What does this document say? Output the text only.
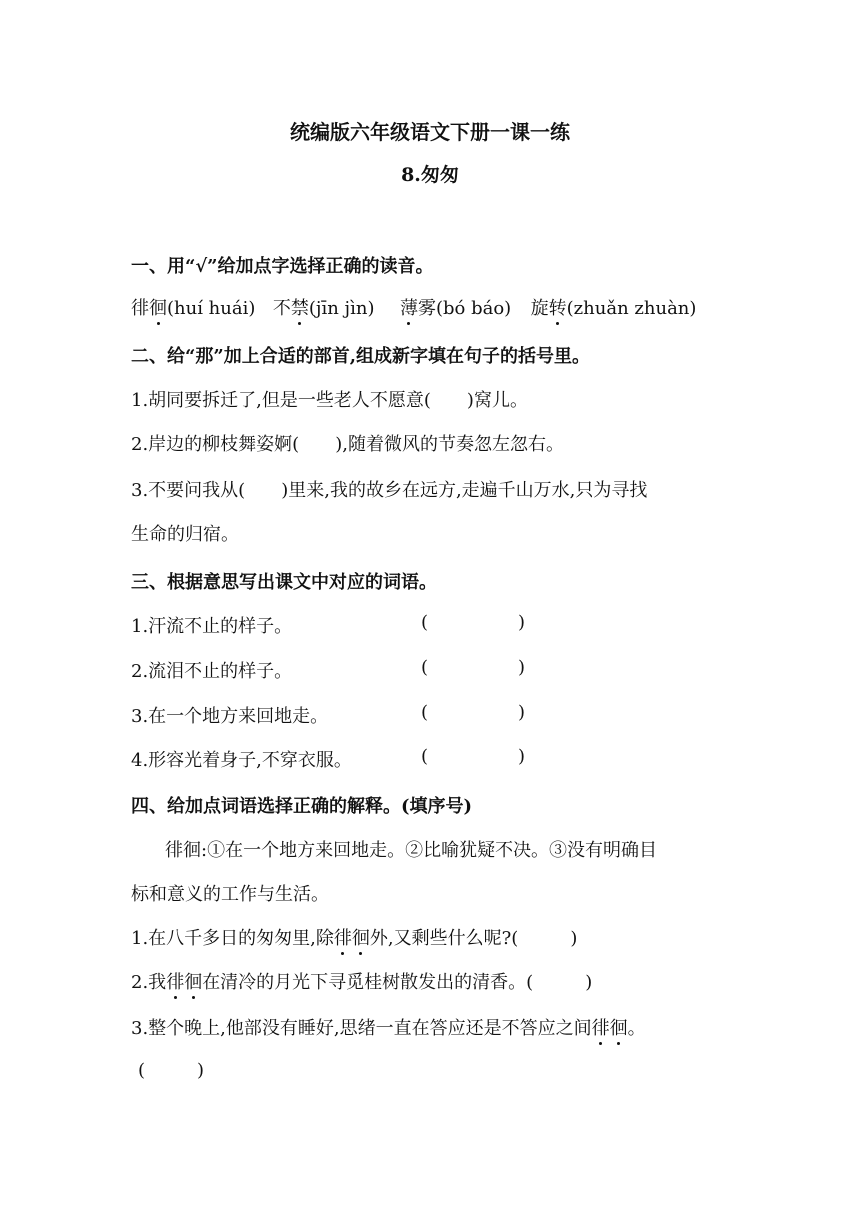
统编版六年级语文下册一课一练
8.匆匆
一、用“√”给加点字选择正确的读音。
徘徊(huí huái) 不禁(jīn jìn) 薄雾(bó báo) 旋转(zhuǎn zhuàn)
二、给“那”加上合适的部首,组成新字填在句子的括号里。
1.胡同要拆迁了,但是一些老人不愿意( )窝儿。
2.岸边的柳枝舞姿婀( ),随着微风的节奏忽左忽右。
3.不要问我从( )里来,我的故乡在远方,走遍千山万水,只为寻找
生命的归宿。
三、根据意思写出课文中对应的词语。
1.汗流不止的样子。	(	)
2.流泪不止的样子。	(	)
3.在一个地方来回地走。	(	)
4.形容光着身子,不穿衣服。	(	)
四、给加点词语选择正确的解释。(填序号)
徘徊:①在一个地方来回地走。②比喻犹疑不决。③没有明确目
标和意义的工作与生活。
1.在八千多日的匆匆里,除徘徊外,又剩些什么呢?(	)
2.我徘徊在清冷的月光下寻觅桂树散发出的清香。(	)
3.整个晚上,他部没有睡好,思绪一直在答应还是不答应之间徘徊。
(	)
